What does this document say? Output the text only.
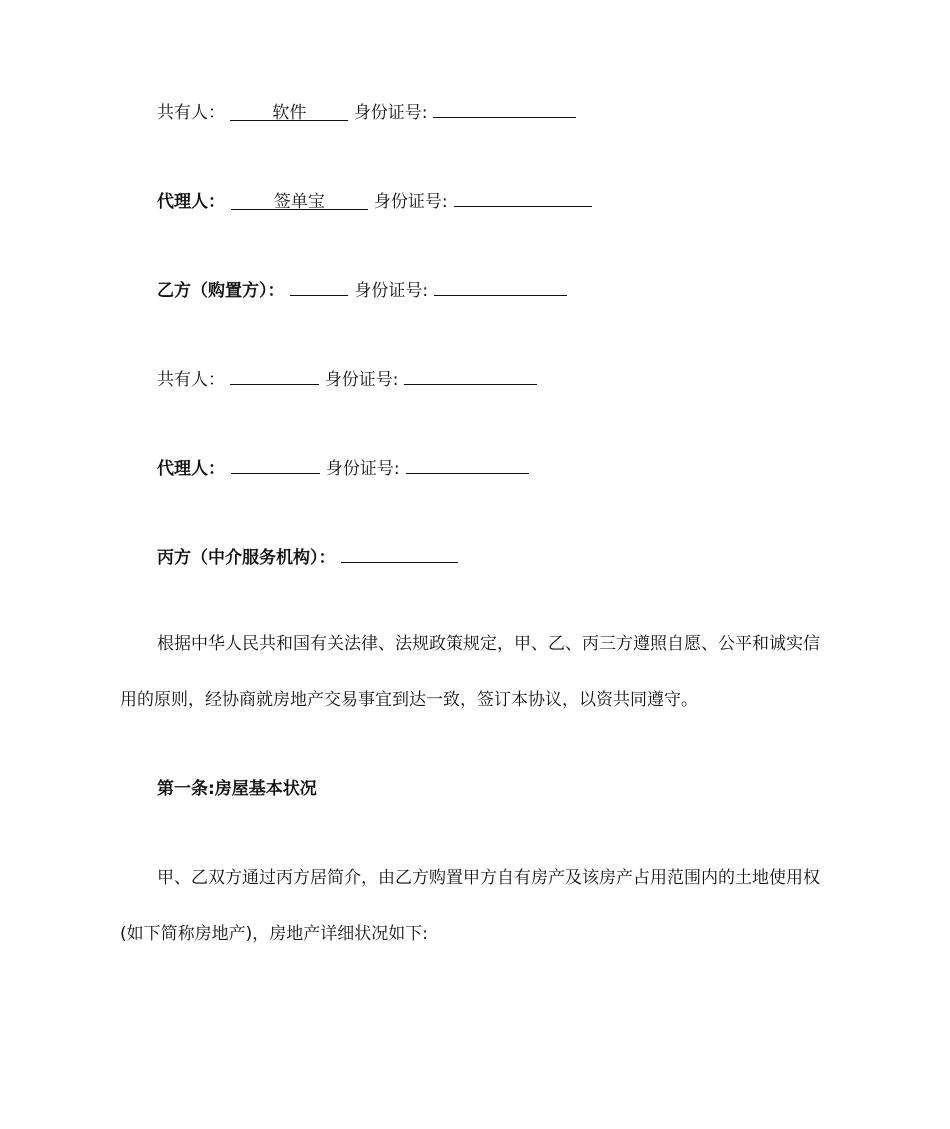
共有人：	软件	身份证号:
代理人：	签单宝	身份证号:
乙方（购置方）：	身份证号:
共有人：	身份证号:
代理人：	身份证号:
丙方（中介服务机构）：
根据中华人民共和国有关法律、法规政策规定，甲、乙、丙三方遵照自愿、公平和诚实信用的原则，经协商就房地产交易事宜到达一致，签订本协议，以资共同遵守。
第一条:房屋基本状况
甲、乙双方通过丙方居简介，由乙方购置甲方自有房产及该房产占用范围内的土地使用权(如下简称房地产)，房地产详细状况如下:
